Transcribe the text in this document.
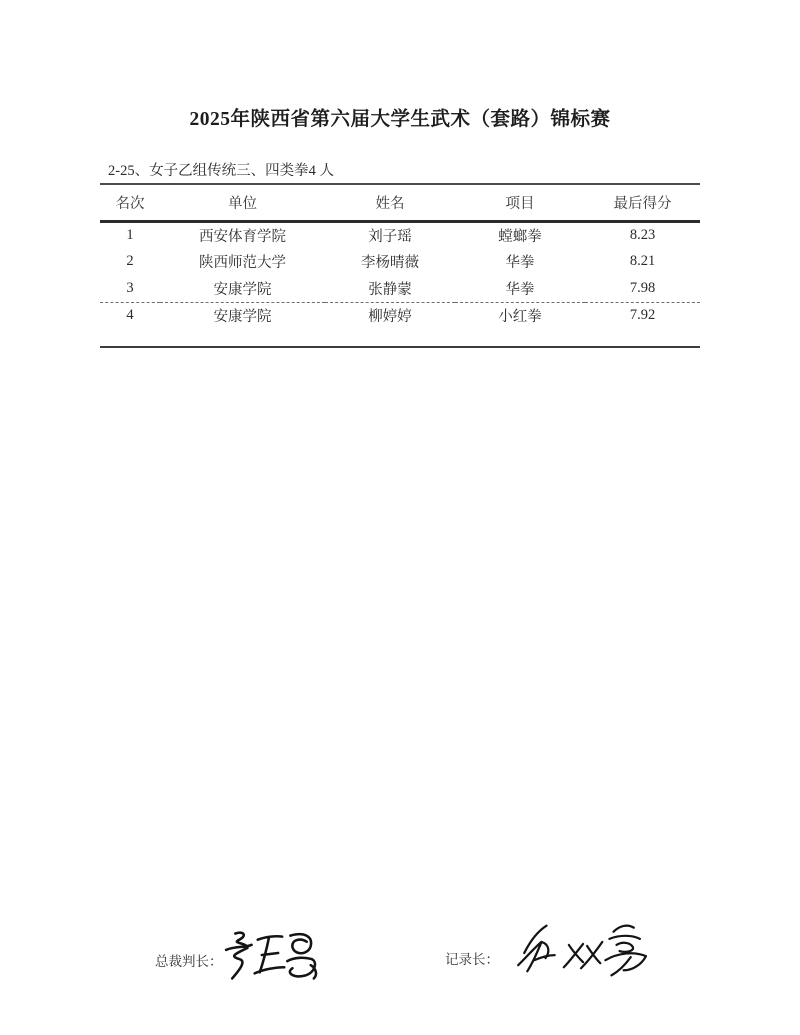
2025年陕西省第六届大学生武术（套路）锦标赛
2-25、女子乙组传统三、四类拳4 人
名次	单位	姓名	项目	最后得分
1	西安体育学院	刘子瑶	螳螂拳	8.23
2	陕西师范大学	李杨晴薇	华拳	8.21
3	安康学院	张静蒙	华拳	7.98
4	安康学院	柳婷婷	小红拳	7.92

总裁判长：	记录长：
